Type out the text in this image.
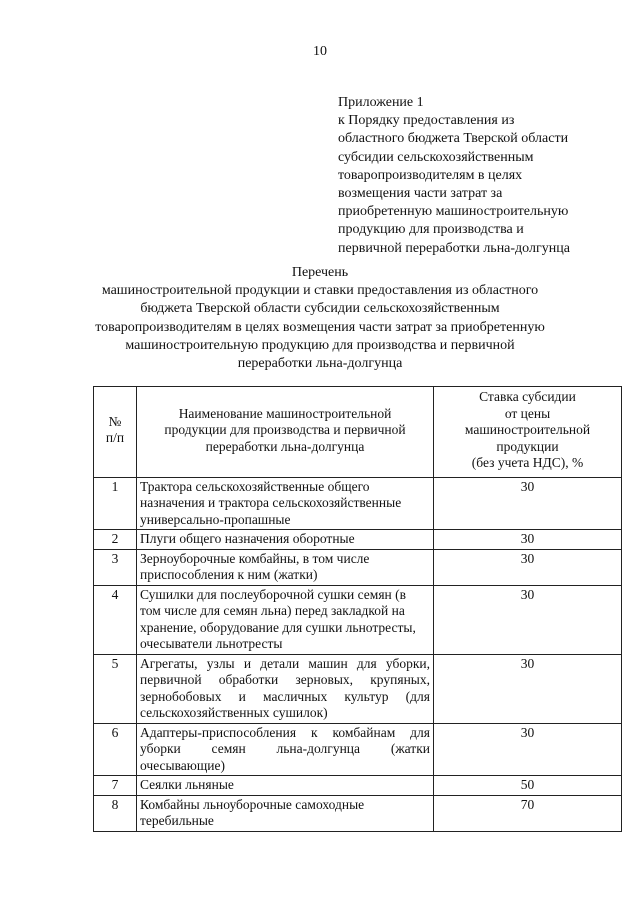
10
Приложение 1
к Порядку предоставления из
областного бюджета Тверской области
субсидии сельскохозяйственным
товаропроизводителям в целях
возмещения части затрат за
приобретенную машиностроительную
продукцию для производства и
первичной переработки льна-долгунца
Перечень
машиностроительной продукции и ставки предоставления из областного
бюджета Тверской области субсидии сельскохозяйственным
товаропроизводителям в целях возмещения части затрат за приобретенную
машиностроительную продукцию для производства и первичной
переработки льна-долгунца
№
п/п	Наименование машиностроительной
продукции для производства и первичной
переработки льна-долгунца	Ставка субсидии
от цены
машиностроительной
продукции
(без учета НДС), %

1	Трактора сельскохозяйственные общего назначения и трактора сельскохозяйственные универсально-пропашные	30
2	Плуги общего назначения оборотные	30
3	Зерноуборочные комбайны, в том числе приспособления к ним (жатки)	30
4	Сушилки для послеуборочной сушки семян (в том числе для семян льна) перед закладкой на хранение, оборудование для сушки льнотресты, очесыватели льнотресты	30
5	Агрегаты, узлы и детали машин для уборки, первичной обработки зерновых, крупяных, зернобобовых и масличных культур (для сельскохозяйственных сушилок)	30
6	Адаптеры-приспособления к комбайнам для уборки семян льна-долгунца (жатки очесывающие)	30
7	Сеялки льняные	50
8	Комбайны льноуборочные самоходные теребильные	70
